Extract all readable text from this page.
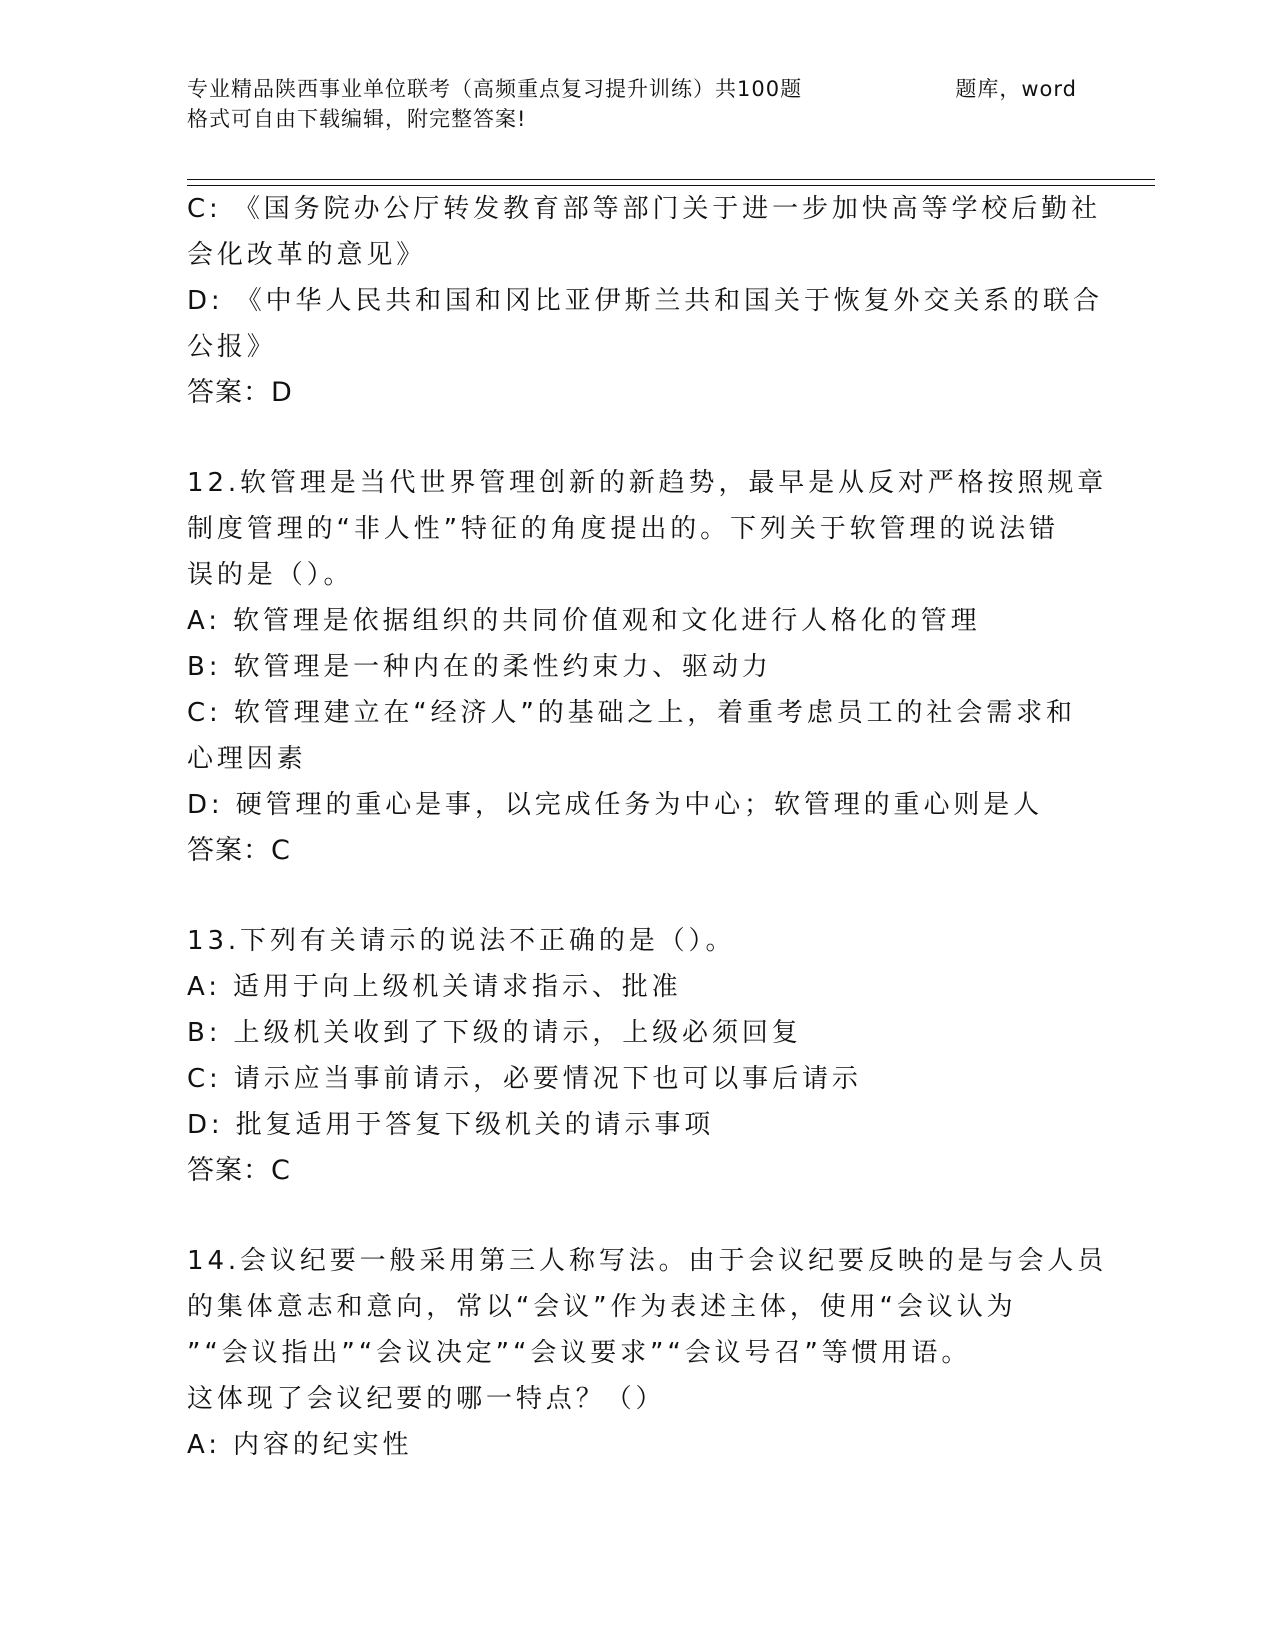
专业精品陕西事业单位联考（高频重点复习提升训练）共100题	题库，word
格式可自由下载编辑，附完整答案!
C: 《国务院办公厅转发教育部等部门关于进一步加快高等学校后勤社
会化改革的意见》
D: 《中华人民共和国和冈比亚伊斯兰共和国关于恢复外交关系的联合
公报》
答案：D
12.软管理是当代世界管理创新的新趋势，最早是从反对严格按照规章
制度管理的“非人性”特征的角度提出的。下列关于软管理的说法错
误的是（）。
A: 软管理是依据组织的共同价值观和文化进行人格化的管理
B: 软管理是一种内在的柔性约束力、驱动力
C: 软管理建立在“经济人”的基础之上，着重考虑员工的社会需求和
心理因素
D: 硬管理的重心是事，以完成任务为中心；软管理的重心则是人
答案：C
13.下列有关请示的说法不正确的是（）。
A: 适用于向上级机关请求指示、批准
B: 上级机关收到了下级的请示，上级必须回复
C: 请示应当事前请示，必要情况下也可以事后请示
D: 批复适用于答复下级机关的请示事项
答案：C
14.会议纪要一般采用第三人称写法。由于会议纪要反映的是与会人员
的集体意志和意向，常以“会议”作为表述主体，使用“会议认为
”“会议指出”“会议决定”“会议要求”“会议号召”等惯用语。
这体现了会议纪要的哪一特点？（）
A: 内容的纪实性
